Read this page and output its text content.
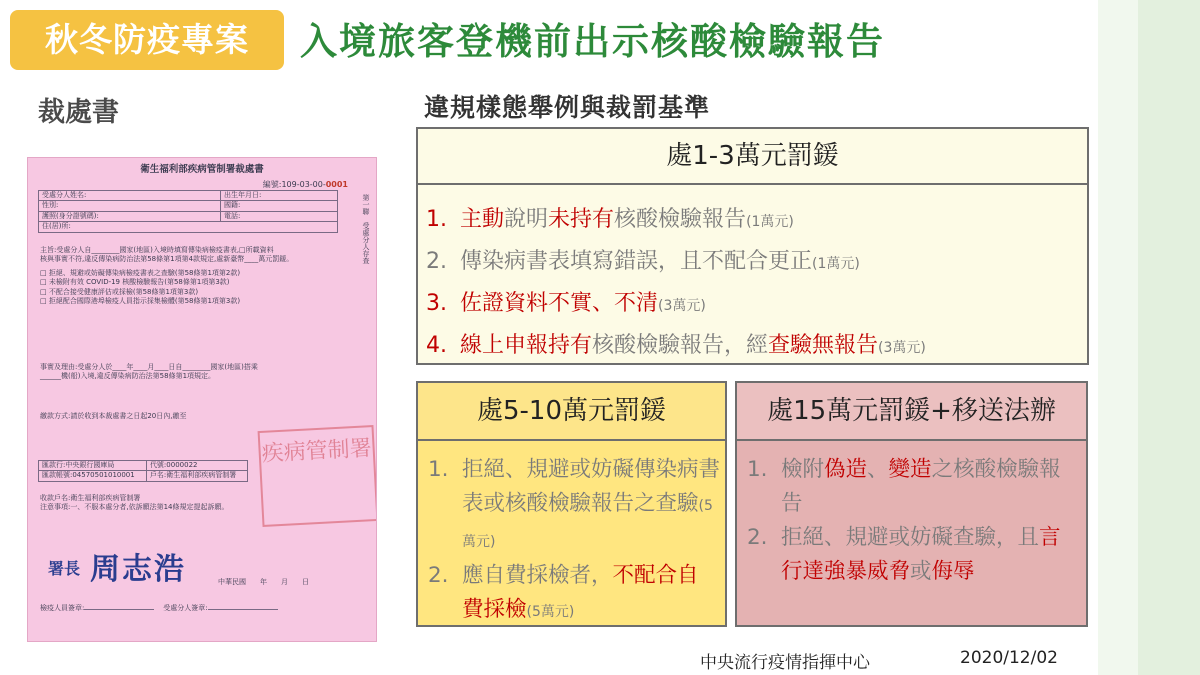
秋冬防疫專案	入境旅客登機前出示核酸檢驗報告
裁處書	違規樣態舉例與裁罰基準
衛生福利部疾病管制署裁處書
編號:109-03-00-0001
第一聯　受處分人存查
受處分人姓名:	出生年月日:
性別:	國籍:
護照(身分證號碼):	電話:
住(居)所:	
主旨:受處分人自________國家(地區)入境時填寫傳染病檢疫書表,□所載資料
核與事實不符,違反傳染病防治法第58條第1項第4款規定,處新臺幣____萬元罰鍰。
□ 拒絕、規避或妨礙傳染病檢疫書表之查驗(第58條第1項第2款)
□ 未檢附有效 COVID-19 核酸檢驗報告(第58條第1項第3款)
□ 不配合接受健康評估或採檢(第58條第1項第3款)
□ 拒絕配合國際港埠檢疫人員指示採集檢體(第58條第1項第3款)
事實及理由:受處分人於____年____月____日自________國家(地區)搭乘
______機(船)入境,違反傳染病防治法第58條第1項規定。
繳款方式:請於收到本裁處書之日起20日內,繳至
匯款行:中央銀行國庫局	代號:0000022
匯款帳號:04570501010001	戶名:衛生福利部疾病管制署
收款戶名:衛生福利部疾病管制署
注意事項:一、不服本處分者,依訴願法第14條規定提起訴願。
疾病管制署
署長 周志浩	中華民國　　年　　月　　日
檢疫人員簽章:	受處分人簽章:
處1-3萬元罰鍰
1. 主動說明未持有核酸檢驗報告(1萬元)
2. 傳染病書表填寫錯誤，且不配合更正(1萬元)
3. 佐證資料不實、不清(3萬元)
4. 線上申報持有核酸檢驗報告，經查驗無報告(3萬元)
處5-10萬元罰鍰
1. 拒絕、規避或妨礙傳染病書表或核酸檢驗報告之查驗(5萬元)
2. 應自費採檢者，不配合自費採檢(5萬元)
處15萬元罰鍰+移送法辦
1. 檢附偽造、變造之核酸檢驗報告
2. 拒絕、規避或妨礙查驗，且言行達強暴威脅或侮辱
中央流行疫情指揮中心	2020/12/02
